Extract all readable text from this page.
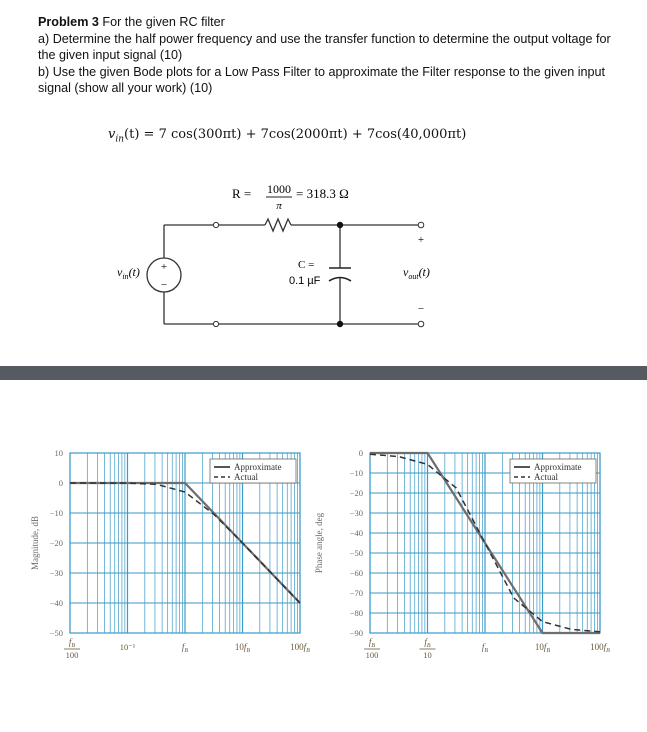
Problem 3 For the given RC filter
a) Determine the half power frequency and use the transfer function to determine the output voltage for
the given input signal (10)
b) Use the given Bode plots for a Low Pass Filter to approximate the Filter response to the given input
signal (show all your work) (10)
$v_{in}(t) = 7$ cos(300πt) + 7cos(2000πt) + 7cos(40,000πt)
+
−
R = 1000
π
= 318.3 Ω
C =
0.1 µF
$v_{in}(t)$	$v_{out}(t)$
+
−
10
0
−10
−20
−30
−40
−50
Magnitude, dB
$f_B$
100
10⁻¹	$f_B$	$10f_B$	$100f_B$
Approximate
Actual
0
−10
−20
−30
−40
−50
−60
−70
−80
−90
Phase angle, deg
$f_B$
100
$f_B$
10
$f_B$	$10f_B$	$100f_B$
Approximate
Actual
